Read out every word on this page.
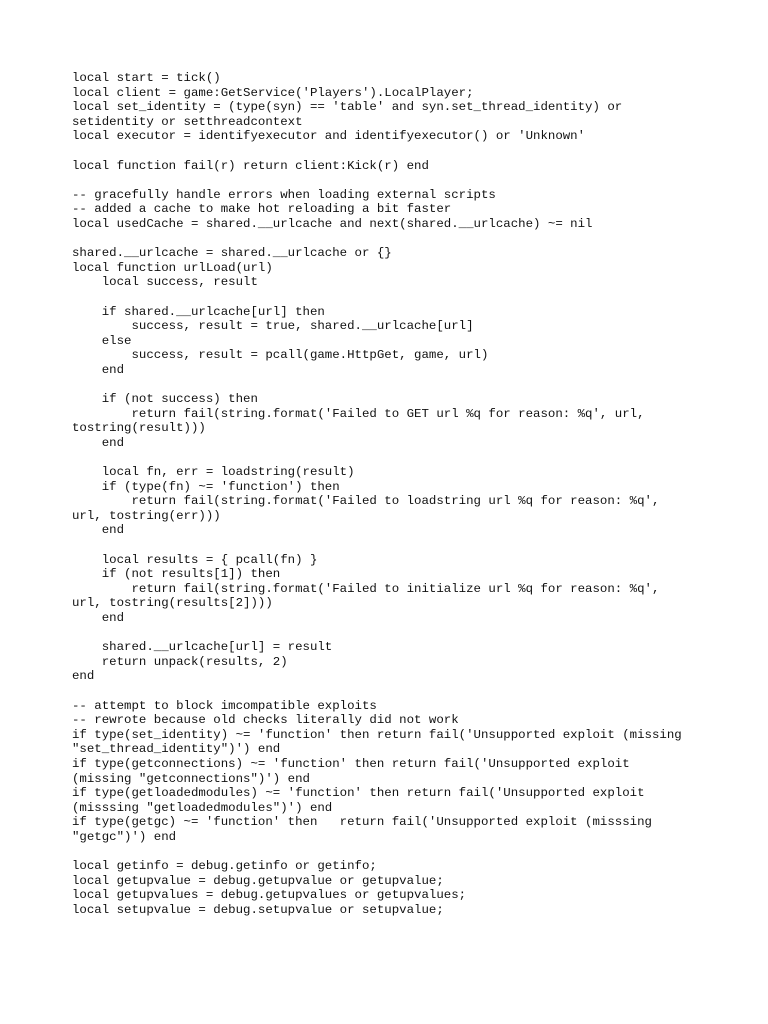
local start = tick()
local client = game:GetService('Players').LocalPlayer;
local set_identity = (type(syn) == 'table' and syn.set_thread_identity) or
setidentity or setthreadcontext
local executor = identifyexecutor and identifyexecutor() or 'Unknown'
local function fail(r) return client:Kick(r) end
-- gracefully handle errors when loading external scripts
-- added a cache to make hot reloading a bit faster
local usedCache = shared.__urlcache and next(shared.__urlcache) ~= nil
shared.__urlcache = shared.__urlcache or {}
local function urlLoad(url)
local success, result
if shared.__urlcache[url] then
success, result = true, shared.__urlcache[url]
else
success, result = pcall(game.HttpGet, game, url)
end
if (not success) then
return fail(string.format('Failed to GET url %q for reason: %q', url,
tostring(result)))
end
local fn, err = loadstring(result)
if (type(fn) ~= 'function') then
return fail(string.format('Failed to loadstring url %q for reason: %q',
url, tostring(err)))
end
local results = { pcall(fn) }
if (not results[1]) then
return fail(string.format('Failed to initialize url %q for reason: %q',
url, tostring(results[2])))
end
shared.__urlcache[url] = result
return unpack(results, 2)
end
-- attempt to block imcompatible exploits
-- rewrote because old checks literally did not work
if type(set_identity) ~= 'function' then return fail('Unsupported exploit (missing
"set_thread_identity")') end
if type(getconnections) ~= 'function' then return fail('Unsupported exploit
(missing "getconnections")') end
if type(getloadedmodules) ~= 'function' then return fail('Unsupported exploit
(misssing "getloadedmodules")') end
if type(getgc) ~= 'function' then   return fail('Unsupported exploit (misssing
"getgc")') end
local getinfo = debug.getinfo or getinfo;
local getupvalue = debug.getupvalue or getupvalue;
local getupvalues = debug.getupvalues or getupvalues;
local setupvalue = debug.setupvalue or setupvalue;
